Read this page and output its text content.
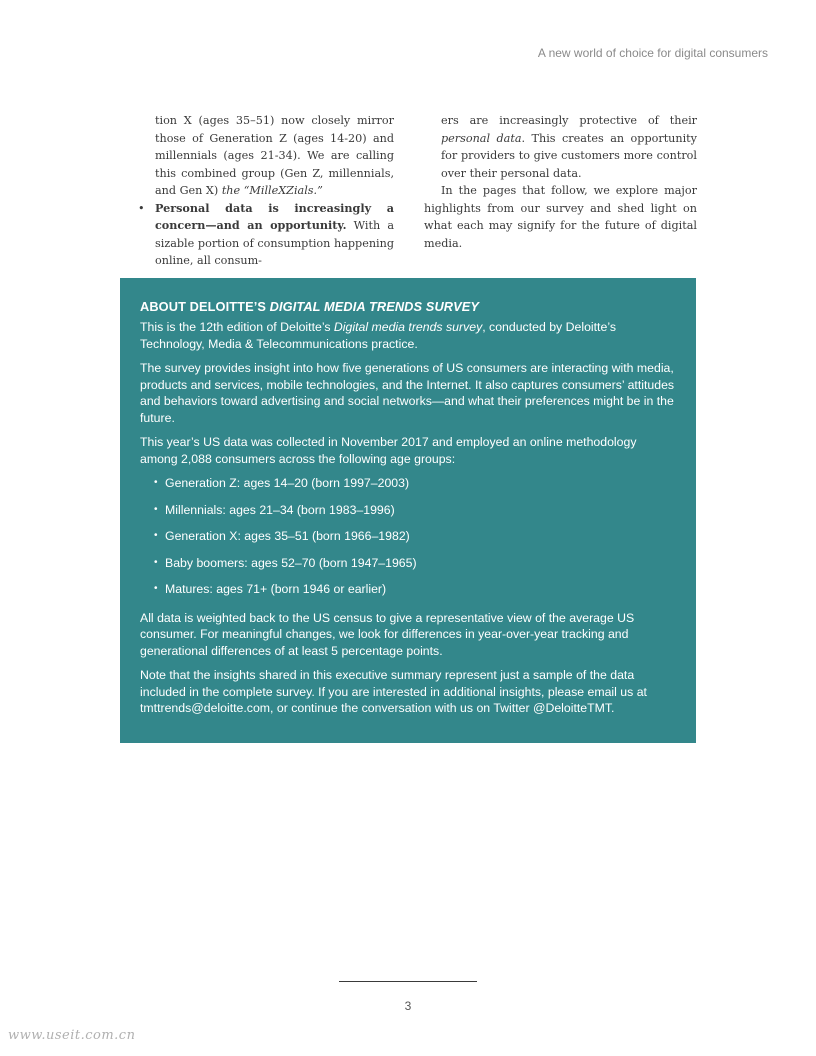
A new world of choice for digital consumers

tion X (ages 35–51) now closely mirror those of Generation Z (ages 14-20) and millennials (ages 21-34). We are calling this combined group (Gen Z, millennials, and Gen X) the “MilleXZials.”

• Personal data is increasingly a concern—and an opportunity. With a sizable portion of consumption happening online, all consum-

ers are increasingly protective of their personal data. This creates an opportunity for providers to give customers more control over their personal data.

In the pages that follow, we explore major highlights from our survey and shed light on what each may signify for the future of digital media.

ABOUT DELOITTE’S DIGITAL MEDIA TRENDS SURVEY

This is the 12th edition of Deloitte’s Digital media trends survey, conducted by Deloitte’s Technology, Media & Telecommunications practice.

The survey provides insight into how five generations of US consumers are interacting with media, products and services, mobile technologies, and the Internet. It also captures consumers’ attitudes and behaviors toward advertising and social networks—and what their preferences might be in the future.

This year’s US data was collected in November 2017 and employed an online methodology among 2,088 consumers across the following age groups:

• Generation Z: ages 14–20 (born 1997–2003)
• Millennials: ages 21–34 (born 1983–1996)
• Generation X: ages 35–51 (born 1966–1982)
• Baby boomers: ages 52–70 (born 1947–1965)
• Matures: ages 71+ (born 1946 or earlier)

All data is weighted back to the US census to give a representative view of the average US consumer. For meaningful changes, we look for differences in year-over-year tracking and generational differences of at least 5 percentage points.

Note that the insights shared in this executive summary represent just a sample of the data included in the complete survey. If you are interested in additional insights, please email us at tmttrends@deloitte.com, or continue the conversation with us on Twitter @DeloitteTMT.

3
www.useit.com.cn
